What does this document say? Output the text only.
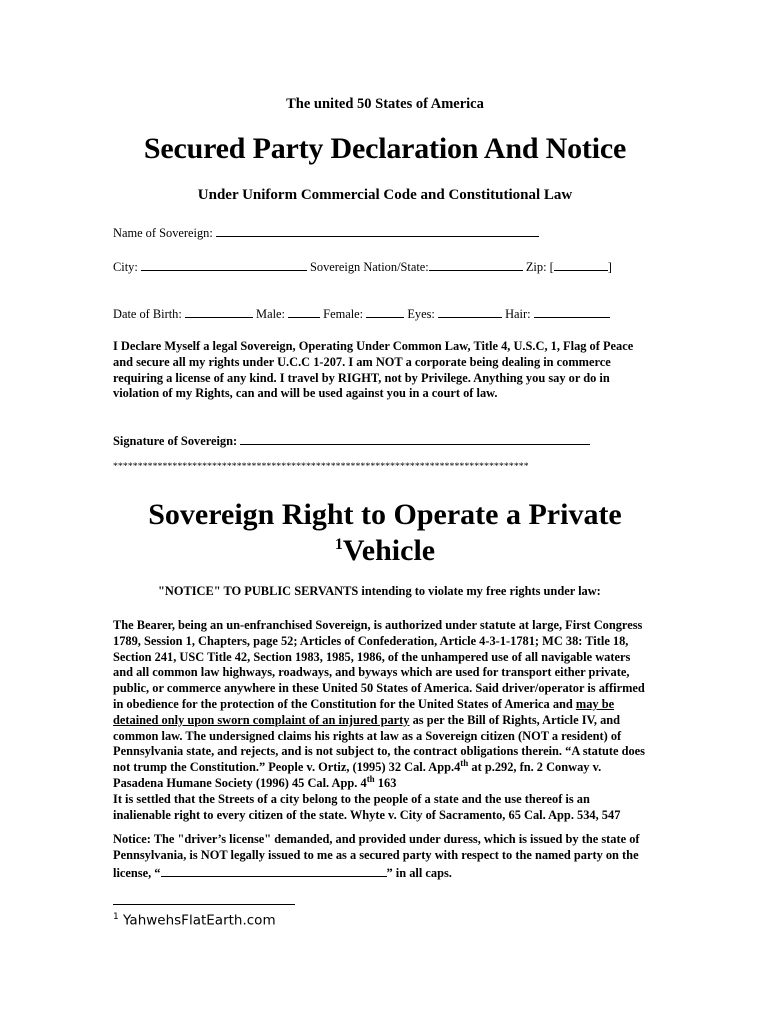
The united 50 States of America
Secured Party Declaration And Notice
Under Uniform Commercial Code and Constitutional Law
Name of Sovereign:
City:	Sovereign Nation/State:	Zip: [	]
Date of Birth:	Male:	Female:	Eyes:	Hair:

I Declare Myself a legal Sovereign, Operating Under Common Law, Title 4, U.S.C, 1, Flag of Peace

and secure all my rights under U.C.C 1-207. I am NOT a corporate being dealing in commerce

requiring a license of any kind. I travel by RIGHT, not by Privilege. Anything you say or do in

violation of my Rights, can and will be used against you in a court of law.

Signature of Sovereign:
************************************************************************************
Sovereign Right to Operate a Private
$^1$Vehicle
"NOTICE" TO PUBLIC SERVANTS intending to violate my free rights under law:

The Bearer, being an un-enfranchised Sovereign, is authorized under statute at large, First Congress

1789, Session 1, Chapters, page 52; Articles of Confederation, Article 4-3-1-1781; MC 38: Title 18,

Section 241, USC Title 42, Section 1983, 1985, 1986, of the unhampered use of all navigable waters

and all common law highways, roadways, and byways which are used for transport either private,

public, or commerce anywhere in these United 50 States of America. Said driver/operator is affirmed

in obedience for the protection of the Constitution for the United States of America and may be

detained only upon sworn complaint of an injured party as per the Bill of Rights, Article IV, and

common law. The undersigned claims his rights at law as a Sovereign citizen (NOT a resident) of

Pennsylvania state, and rejects, and is not subject to, the contract obligations therein. “A statute does

not trump the Constitution.” People v. Ortiz, (1995) 32 Cal. App.4th at p.292, fn. 2 Conway v.

Pasadena Humane Society (1996) 45 Cal. App. 4th 163

It is settled that the Streets of a city belong to the people of a state and the use thereof is an

inalienable right to every citizen of the state. Whyte v. City of Sacramento, 65 Cal. App. 534, 547

Notice: The "driver’s license" demanded, and provided under duress, which is issued by the state of

Pennsylvania, is NOT legally issued to me as a secured party with respect to the named party on the

license, “	” in all caps.

$^1$ YahwehsFlatEarth.com
